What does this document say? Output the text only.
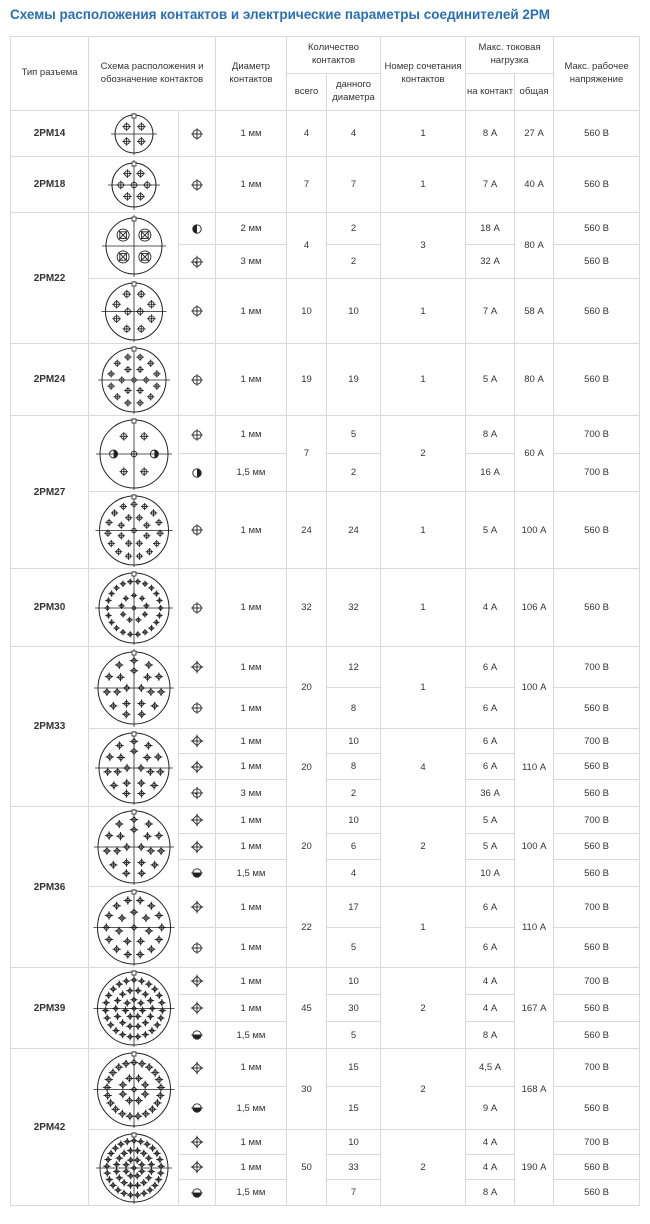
Схемы расположения контактов и электрические параметры соединителей 2РМ
Тип разъема	Схема расположения и обозначение контактов		Диаметр контактов	Количество контактов		Номер сочетания контактов	Макс. токовая нагрузка		Макс. рабочее напряжение
				всего	данного диаметра		на контакт	общая	
2РМ14			1 мм	4	4	1	8 А	27 А	560 В
2РМ18			1 мм	7	7	1	7 А	40 А	560 В
2РМ22			2 мм	4	2	3	18 А	80 А	560 В

	3 мм		2		32 А		560 В

	1 мм	10	10	1	7 А	58 А	560 В
2РМ24			1 мм	19	19	1	5 А	80 А	560 В
2РМ27			1 мм	7	5	2	8 А	60 А	700 В

	1,5 мм		2		16 А		700 В

	1 мм	24	24	1	5 А	100 А	560 В
2РМ30			1 мм	32	32	1	4 А	106 А	560 В
2РМ33			1 мм	20	12	1	6 А	100 А	700 В

	1 мм		8		6 А		560 В

	1 мм	20	10	4	6 А	110 А	700 В

	1 мм		8		6 А		560 В

	3 мм		2		36 А		560 В
2РМ36			1 мм	20	10	2	5 А	100 А	700 В

	1 мм		6		5 А		560 В

	1,5 мм		4		10 А		560 В

	1 мм	22	17	1	6 А	110 А	700 В

	1 мм		5		6 А		560 В
2РМ39			1 мм	45	10	2	4 А	167 А	700 В

	1 мм		30		4 А		560 В

	1,5 мм		5		8 А		560 В
2РМ42			1 мм	30	15	2	4,5 А	168 А	700 В

	1,5 мм		15		9 А		560 В

	1 мм	50	10	2	4 А	190 А	700 В

	1 мм		33		4 А		560 В

	1,5 мм		7		8 А		560 В
